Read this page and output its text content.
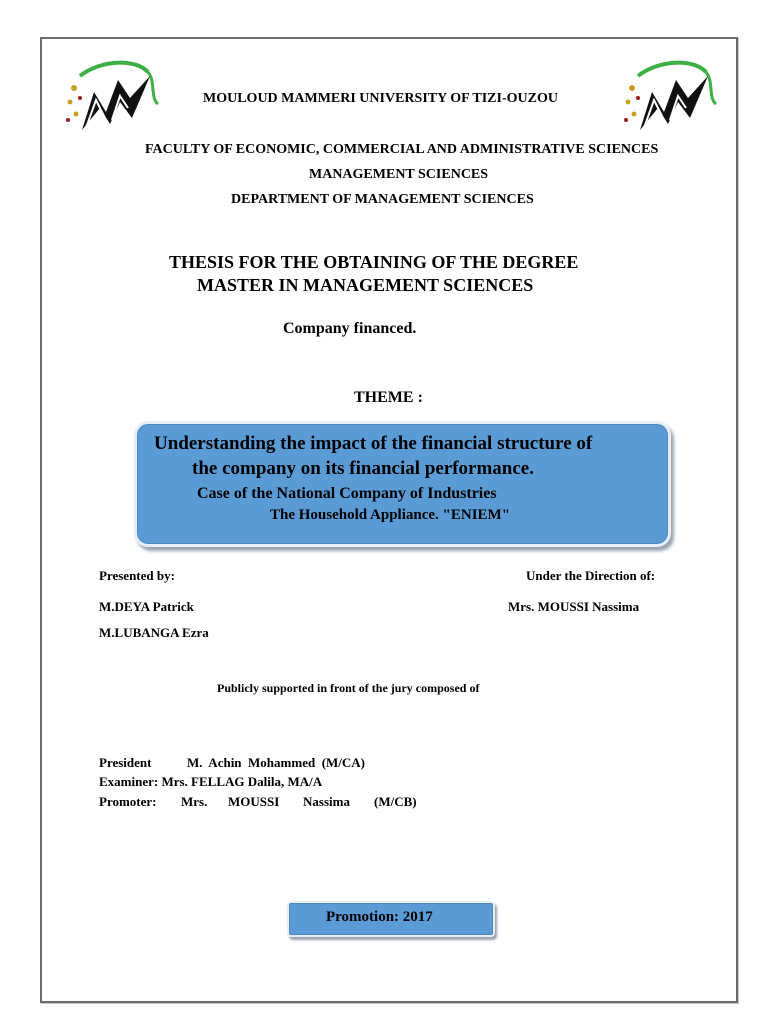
MOULOUD MAMMERI UNIVERSITY OF TIZI-OUZOU
FACULTY OF ECONOMIC, COMMERCIAL AND ADMINISTRATIVE SCIENCES
MANAGEMENT SCIENCES
DEPARTMENT OF MANAGEMENT SCIENCES
THESIS FOR THE OBTAINING OF THE DEGREE
MASTER IN MANAGEMENT SCIENCES
Company financed.
THEME :
Understanding the impact of the financial structure of
the company on its financial performance.
Case of the National Company of Industries
The Household Appliance. "ENIEM"
Presented by:	Under the Direction of:
M.DEYA Patrick	Mrs. MOUSSI Nassima
M.LUBANGA Ezra
Publicly supported in front of the jury composed of
President	M.  Achin  Mohammed  (M/CA)
Examiner: Mrs. FELLAG Dalila, MA/A
Promoter: Mrs. MOUSSI Nassima (M/CB)
Promotion: 2017
